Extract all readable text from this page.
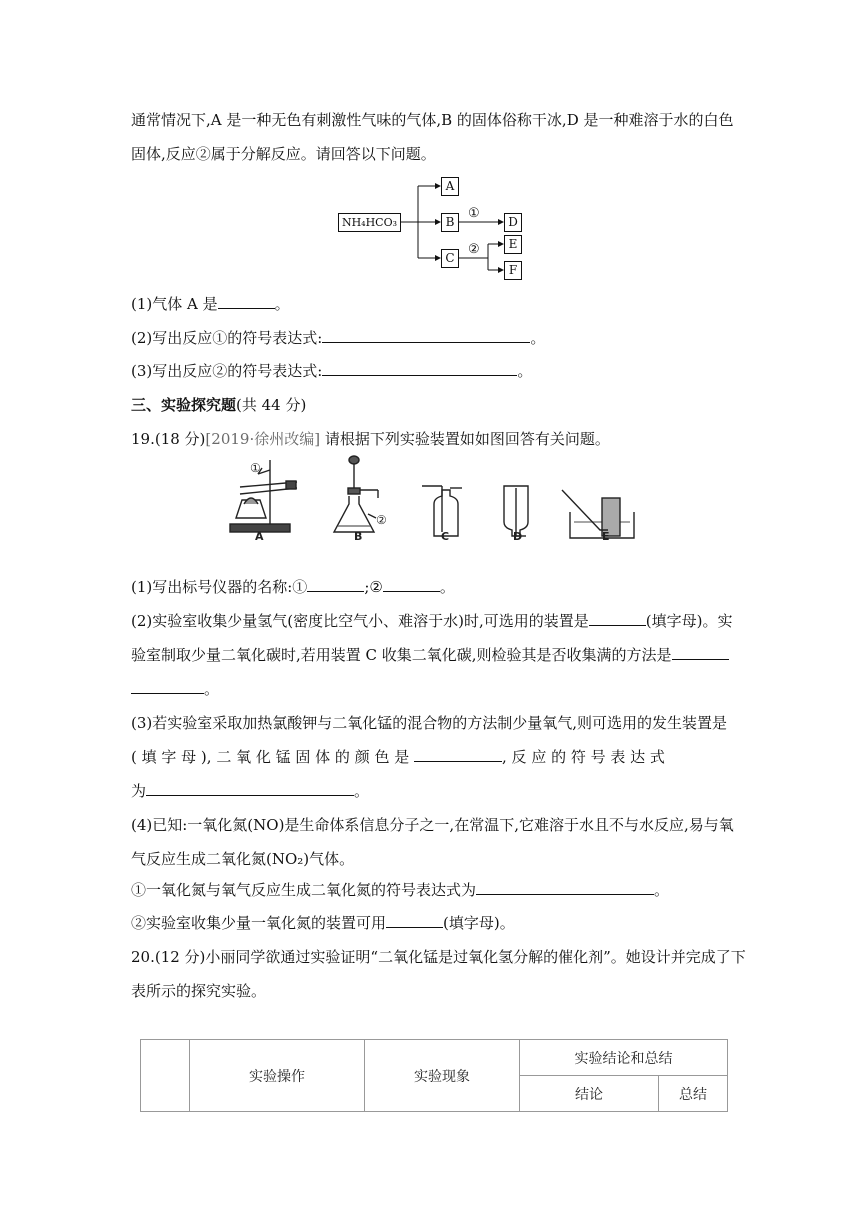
通常情况下,A 是一种无色有刺激性气味的气体,B 的固体俗称干冰,D 是一种难溶于水的白色
固体,反应②属于分解反应。请回答以下问题。
NH₄HCO₃
A
B
C
D
E
F
①
②
(1)气体 A 是	。
(2)写出反应①的符号表达式:	。
(3)写出反应②的符号表达式:	。
三、实验探究题(共 44 分)
19.(18 分)[2019·徐州改编] 请根据下列实验装置如如图回答有关问题。
①
②
A	B	C	D	E
(1)写出标号仪器的名称:①	;②	。
(2)实验室收集少量氢气(密度比空气小、难溶于水)时,可选用的装置是	(填字母)。实
验室制取少量二氧化碳时,若用装置 C 收集二氧化碳,则检验其是否收集满的方法是
。
(3)若实验室采取加热氯酸钾与二氧化锰的混合物的方法制少量氧气,则可选用的发生装置是
( 填 字 母 ), 二 氧 化 锰 固 体 的 颜 色 是	, 反 应 的 符 号 表 达 式
为	。
(4)已知:一氧化氮(NO)是生命体系信息分子之一,在常温下,它难溶于水且不与水反应,易与氧
气反应生成二氧化氮(NO₂)气体。
①一氧化氮与氧气反应生成二氧化氮的符号表达式为	。
②实验室收集少量一氧化氮的装置可用	(填字母)。
20.(12 分)小丽同学欲通过实验证明“二氧化锰是过氧化氢分解的催化剂”。她设计并完成了下
表所示的探究实验。
	实验操作	实验现象	实验结论和总结	
			结论	总结
